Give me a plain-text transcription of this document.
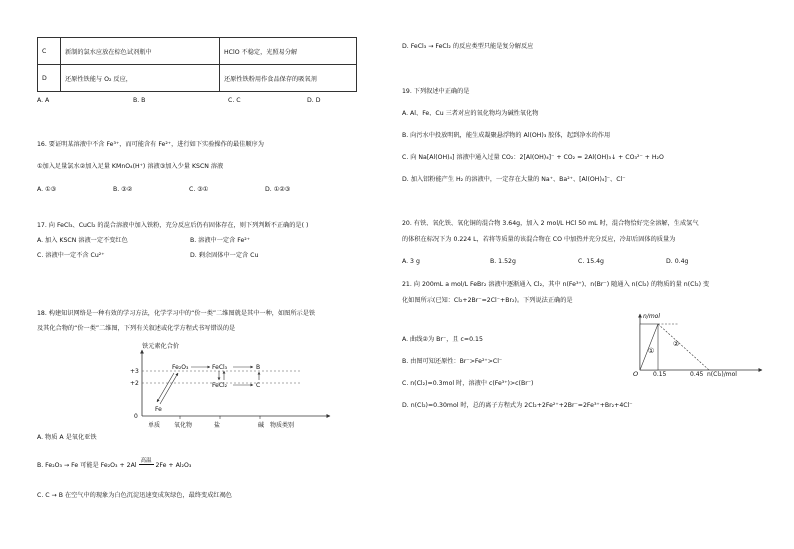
C	新制的氯水应放在棕色试剂瓶中	HClO 不稳定，光照易分解
D	还原性铁能与 O₂ 反应，	还原性铁粉用作食品保存的吸氧剂
A. A	B. B	C. C	D. D
16. 要证明某溶液中不含 Fe³⁺，而可能含有 Fe²⁺，进行如下实验操作的最佳顺序为
①加入足量氯水②加入足量 KMnO₄(H⁺) 溶液③加入少量 KSCN 溶液
A. ①③	B. ③②	C. ③①	D. ①②③
17. 向 FeCl₃、CuCl₂ 的混合溶液中加入铁粉，充分反应后仍有固体存在，则下列判断不正确的是( )
A. 加入 KSCN 溶液一定不变红色	B. 溶液中一定含 Fe²⁺
C. 溶液中一定不含 Cu²⁺	D. 剩余固体中一定含 Cu
18. 构建知识网络是一种有效的学习方法，化学学习中的“价一类”二维图就是其中一种，如图所示是铁
及其化合物的“价一类”二维图，下列有关叙述或化学方程式书写错误的是
铁元素化合价
+3
+2
0
单质 氧化物	盐	碱 物质类别
Fe₂O₃	FeCl₃	B
FeCl₂	C
Fe
A. 物质 A 是氧化亚铁
B. Fe₂O₃ → Fe 可能是 Fe₂O₃ + 2Al 高温 2Fe + Al₂O₃
C. C → B 在空气中的现象为白色沉淀迅速变成灰绿色，最终变成红褐色
D. FeCl₃ → FeCl₂ 的反应类型只能是复分解反应
19. 下列叙述中正确的是
A. Al、Fe、Cu 三者对应的氧化物均为碱性氧化物
B. 向污水中投放明矾，能生成凝聚悬浮物的 Al(OH)₃ 胶体，起到净水的作用
C. 向 Na[Al(OH)₄] 溶液中通入过量 CO₂：2[Al(OH)₄]⁻ + CO₂ = 2Al(OH)₃↓ + CO₃²⁻ + H₂O
D. 加入铝粉能产生 H₂ 的溶液中，一定存在大量的 Na⁺、Ba²⁺、[Al(OH)₄]⁻、Cl⁻
20. 有铁、氧化铁、氧化铜的混合物 3.64g，加入 2 mol/L HCl 50 mL 时，混合物恰好完全溶解，生成氢气
的体积在标况下为 0.224 L，若将等质量的该混合物在 CO 中加热并充分反应，冷却后固体的质量为
A. 3 g	B. 1.52g	C. 15.4g	D. 0.4g
21. 向 200mL a mol/L FeBr₂ 溶液中逐渐通入 Cl₂，其中 n(Fe³⁺)、n(Br⁻) 随通入 n(Cl₂) 的物质的量 n(Cl₂) 变
化如图所示(已知：Cl₂+2Br⁻=2Cl⁻+Br₂)。下列说法正确的是
n/mol
O
①
②
0.15	0.45 n(Cl₂)/mol
A. 曲线②为 Br⁻，且 c=0.15
B. 由图可知还原性：Br⁻>Fe²⁺>Cl⁻
C. n(Cl₂)=0.3mol 时，溶液中 c(Fe³⁺)>c(Br⁻)
D. n(Cl₂)=0.30mol 时，总的离子方程式为 2Cl₂+2Fe²⁺+2Br⁻=2Fe³⁺+Br₂+4Cl⁻
